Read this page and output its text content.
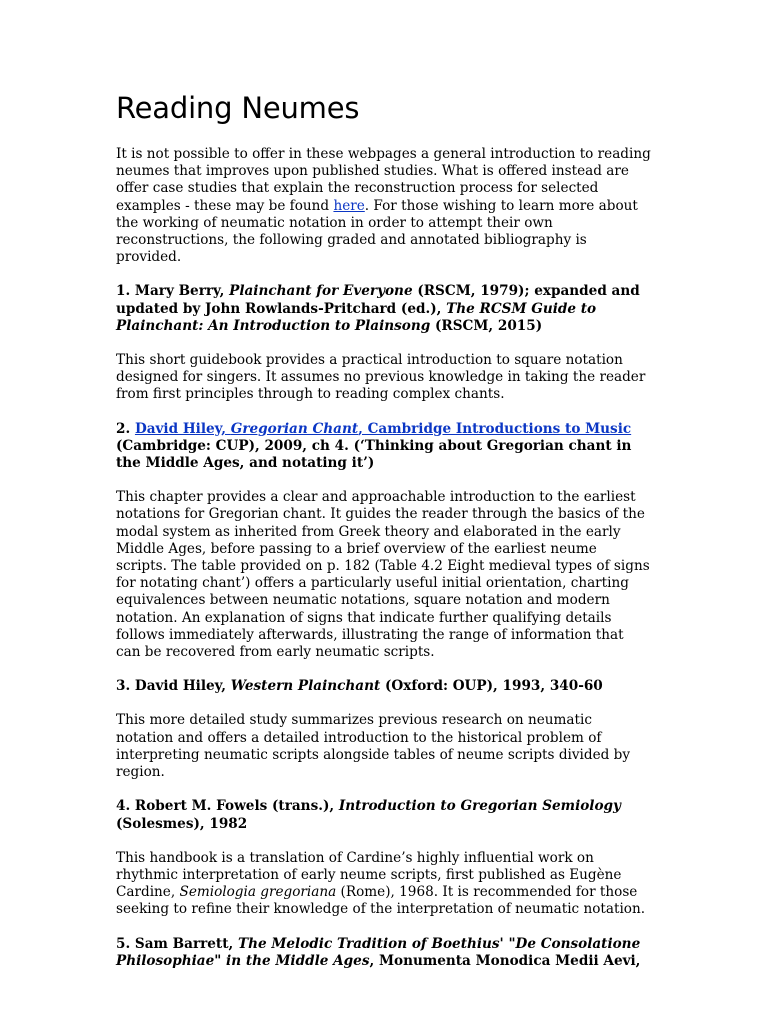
Reading Neumes

It is not possible to offer in these webpages a general introduction to reading neumes that improves upon published studies. What is offered instead are offer case studies that explain the reconstruction process for selected examples - these may be found here. For those wishing to learn more about the working of neumatic notation in order to attempt their own reconstructions, the following graded and annotated bibliography is provided.

1. Mary Berry, Plainchant for Everyone (RSCM, 1979); expanded and updated by John Rowlands-Pritchard (ed.), The RCSM Guide to Plainchant: An Introduction to Plainsong (RSCM, 2015)

This short guidebook provides a practical introduction to square notation designed for singers. It assumes no previous knowledge in taking the reader from first principles through to reading complex chants.

2. David Hiley, Gregorian Chant, Cambridge Introductions to Music (Cambridge: CUP), 2009, ch 4. (‘Thinking about Gregorian chant in the Middle Ages, and notating it’)

This chapter provides a clear and approachable introduction to the earliest notations for Gregorian chant. It guides the reader through the basics of the modal system as inherited from Greek theory and elaborated in the early Middle Ages, before passing to a brief overview of the earliest neume scripts. The table provided on p. 182 (Table 4.2 Eight medieval types of signs for notating chant’) offers a particularly useful initial orientation, charting equivalences between neumatic notations, square notation and modern notation. An explanation of signs that indicate further qualifying details follows immediately afterwards, illustrating the range of information that can be recovered from early neumatic scripts.

3. David Hiley, Western Plainchant (Oxford: OUP), 1993, 340-60

This more detailed study summarizes previous research on neumatic notation and offers a detailed introduction to the historical problem of interpreting neumatic scripts alongside tables of neume scripts divided by region.

4. Robert M. Fowels (trans.), Introduction to Gregorian Semiology (Solesmes), 1982

This handbook is a translation of Cardine’s highly influential work on rhythmic interpretation of early neume scripts, first published as Eugène Cardine, Semiologia gregoriana (Rome), 1968. It is recommended for those seeking to refine their knowledge of the interpretation of neumatic notation.

5. Sam Barrett, The Melodic Tradition of Boethius' "De Consolatione Philosophiae" in the Middle Ages, Monumenta Monodica Medii Aevi,
